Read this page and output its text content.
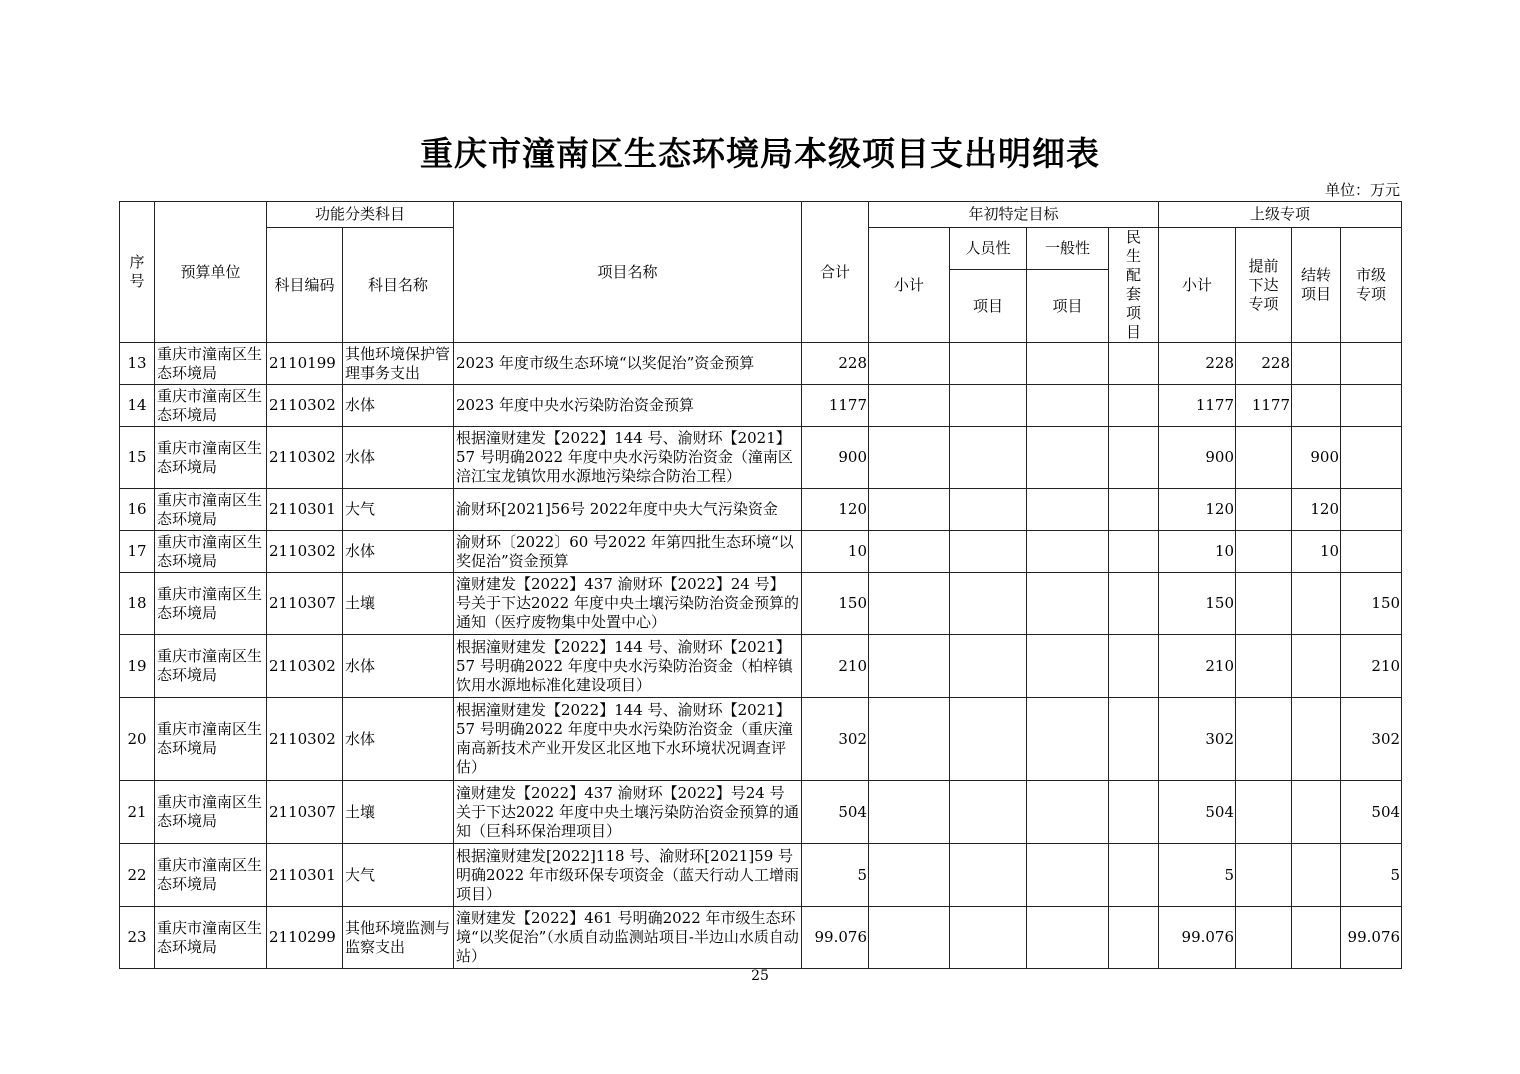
重庆市潼南区生态环境局本级项目支出明细表
单位：万元
序号	预算单位	功能分类科目		项目名称	合计	年初特定目标				上级专项			
		科目编码	科目名称			小计	人员性	一般性	民生配套项目	小计	提前下达专项	结转项目	市级专项
							项目	项目					
13	重庆市潼南区生态环境局	2110199	其他环境保护管理事务支出	2023 年度市级生态环境“以奖促治”资金预算	228					228	228		
14	重庆市潼南区生态环境局	2110302	水体	2023 年度中央水污染防治资金预算	1177					1177	1177		
15	重庆市潼南区生态环境局	2110302	水体	根据潼财建发【2022】144 号、渝财环【2021】57 号明确2022 年度中央水污染防治资金（潼南区涪江宝龙镇饮用水源地污染综合防治工程）	900					900		900	
16	重庆市潼南区生态环境局	2110301	大气	渝财环[2021]56号 2022年度中央大气污染资金	120					120		120	
17	重庆市潼南区生态环境局	2110302	水体	渝财环〔2022〕60 号2022 年第四批生态环境“以奖促治”资金预算	10					10		10	
18	重庆市潼南区生态环境局	2110307	土壤	潼财建发【2022】437 渝财环【2022】24 号】号关于下达2022 年度中央土壤污染防治资金预算的通知（医疗废物集中处置中心）	150					150			150
19	重庆市潼南区生态环境局	2110302	水体	根据潼财建发【2022】144 号、渝财环【2021】57 号明确2022 年度中央水污染防治资金（柏梓镇饮用水源地标准化建设项目）	210					210			210
20	重庆市潼南区生态环境局	2110302	水体	根据潼财建发【2022】144 号、渝财环【2021】57 号明确2022 年度中央水污染防治资金（重庆潼南高新技术产业开发区北区地下水环境状况调查评估）	302					302			302
21	重庆市潼南区生态环境局	2110307	土壤	潼财建发【2022】437 渝财环【2022】号24 号关于下达2022 年度中央土壤污染防治资金预算的通知（巨科环保治理项目）	504					504			504
22	重庆市潼南区生态环境局	2110301	大气	根据潼财建发[2022]118 号、渝财环[2021]59 号明确2022 年市级环保专项资金（蓝天行动人工增雨项目）	5					5			5
23	重庆市潼南区生态环境局	2110299	其他环境监测与监察支出	潼财建发【2022】461 号明确2022 年市级生态环境“以奖促治”（水质自动监测站项目-半边山水质自动站）	99.076					99.076			99.076
25
